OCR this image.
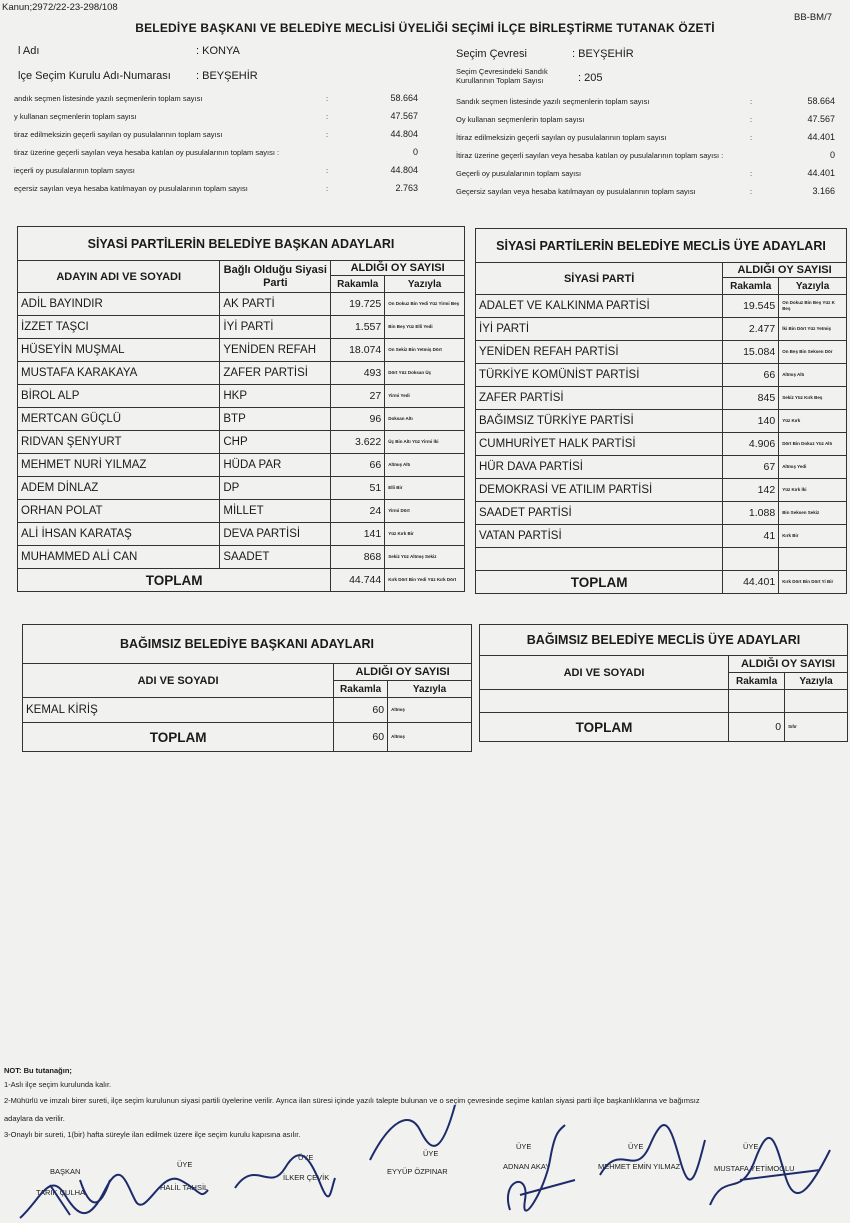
Kanun;2972/22-23-298/108
BB-BM/7
BELEDİYE BAŞKANI VE BELEDİYE MECLİSİ ÜYELİĞİ SEÇİMİ İLÇE BİRLEŞTİRME TUTANAK ÖZETİ
l Adı	: KONYA
lçe Seçim Kurulu Adı-Numarası : BEYŞEHİR
Seçim Çevresi	: BEYŞEHİR
Seçim Çevresindeki Sandık Kurullarının Toplam Sayısı	: 205
andık seçmen listesinde yazılı seçmenlerin toplam sayısı	:	58.664
y kullanan seçmenlerin toplam sayısı	:	47.567
tiraz edilmeksizin geçerli sayılan oy pusulalarının toplam sayısı	:	44.804
tiraz üzerine geçerli sayılan veya hesaba katılan oy pusulalarının toplam sayısı :	0
ieçerli oy pusulalarının toplam sayısı	:	44.804
eçersiz sayılan veya hesaba katılmayan oy pusulalarının toplam sayısı	:	2.763
Sandık seçmen listesinde yazılı seçmenlerin toplam sayısı	:	58.664
Oy kullanan seçmenlerin toplam sayısı	:	47.567
İtiraz edilmeksizin geçerli sayılan oy pusulalarının toplam sayısı	:	44.401
İtiraz üzerine geçerli sayılan veya hesaba katılan oy pusulalarının toplam sayısı :	0
Geçerli oy pusulalarının toplam sayısı	:	44.401
Geçersiz sayılan veya hesaba katılmayan oy pusulalarının toplam sayısı	:	3.166
SİYASİ PARTİLERİN BELEDİYE BAŞKAN ADAYLARI			
ADAYIN ADI VE SOYADI	Bağlı Olduğu Siyasi Parti	ALDIĞI OY SAYISI	
		Rakamla	Yazıyla
ADİL BAYINDIR	AK PARTİ	19.725	On Dokuz Bin Yedi Yüz Yirmi Beş
İZZET TAŞCI	İYİ PARTİ	1.557	Bin Beş Yüz Elli Yedi
HÜSEYİN MUŞMAL	YENİDEN REFAH	18.074	On Sekiz Bin Yetmiş Dört
MUSTAFA KARAKAYA	ZAFER PARTİSİ	493	Dört Yüz Doksan Üç
BİROL ALP	HKP	27	Yirmi Yedi
MERTCAN GÜÇLÜ	BTP	96	Doksan Altı
RIDVAN ŞENYURT	CHP	3.622	Üç Bin Altı Yüz Yirmi İki
MEHMET NURİ YILMAZ	HÜDA PAR	66	Altmış Altı
ADEM DİNLAZ	DP	51	Elli Bir
ORHAN POLAT	MİLLET	24	Yirmi Dört
ALİ İHSAN KARATAŞ	DEVA PARTİSİ	141	Yüz Kırk Bir
MUHAMMED ALİ CAN	SAADET	868	Sekiz Yüz Altmış Sekiz
TOPLAM		44.744	Kırk Dört Bin Yedi Yüz Kırk Dört
SİYASİ PARTİLERİN BELEDİYE MECLİS ÜYE ADAYLARI		
SİYASİ PARTİ	ALDIĞI OY SAYISI	
	Rakamla	Yazıyla
ADALET VE KALKINMA PARTİSİ	19.545	On Dokuz Bin Beş Yüz K Beş
İYİ PARTİ	2.477	İki Bin Dört Yüz Yetmiş
YENİDEN REFAH PARTİSİ	15.084	On Beş Bin Seksen Dör
TÜRKİYE KOMÜNİST PARTİSİ	66	Altmış Altı
ZAFER PARTİSİ	845	Sekiz Yüz Kırk Beş
BAĞIMSIZ TÜRKİYE PARTİSİ	140	Yüz Kırk
CUMHURİYET HALK PARTİSİ	4.906	Dört Bin Dokuz Yüz Altı
HÜR DAVA PARTİSİ	67	Altmış Yedi
DEMOKRASİ VE ATILIM PARTİSİ	142	Yüz Kırk İki
SAADET PARTİSİ	1.088	Bin Seksen Sekiz
VATAN PARTİSİ	41	Kırk Bir

TOPLAM	44.401	Kırk Dört Bin Dört Yi Bir
BAĞIMSIZ BELEDİYE BAŞKANI ADAYLARI		
ADI VE SOYADI	ALDIĞI OY SAYISI	
	Rakamla	Yazıyla
KEMAL KİRİŞ	60	Altmış
TOPLAM	60	Altmış
BAĞIMSIZ BELEDİYE MECLİS ÜYE ADAYLARI		
ADI VE SOYADI	ALDIĞI OY SAYISI	
	Rakamla	Yazıyla

TOPLAM	0	Sıfır
NOT: Bu tutanağın;
1-Aslı ilçe seçim kurulunda kalır.
2-Mühürlü ve imzalı birer sureti, ilçe seçim kurulunun siyasi partili üyelerine verilir. Ayrıca ilan süresi içinde yazılı talepte bulunan ve o seçim çevresinde seçime katılan siyasi parti ilçe başkanlıklarına ve bağımsız
adaylara da verilir.
3-Onaylı bir sureti, 1(bir) hafta süreyle ilan edilmek üzere ilçe seçim kurulu kapısına asılır.
BAŞKAN
TARIK ÇULHA
ÜYE
HALİL TAHSİL
ÜYE
İLKER ÇEVİK
ÜYE
EYYÜP ÖZPINAR
ÜYE
ADNAN AKAY
ÜYE
MEHMET EMİN YILMAZ
ÜYE
MUSTAFA YETİMOĞLU
